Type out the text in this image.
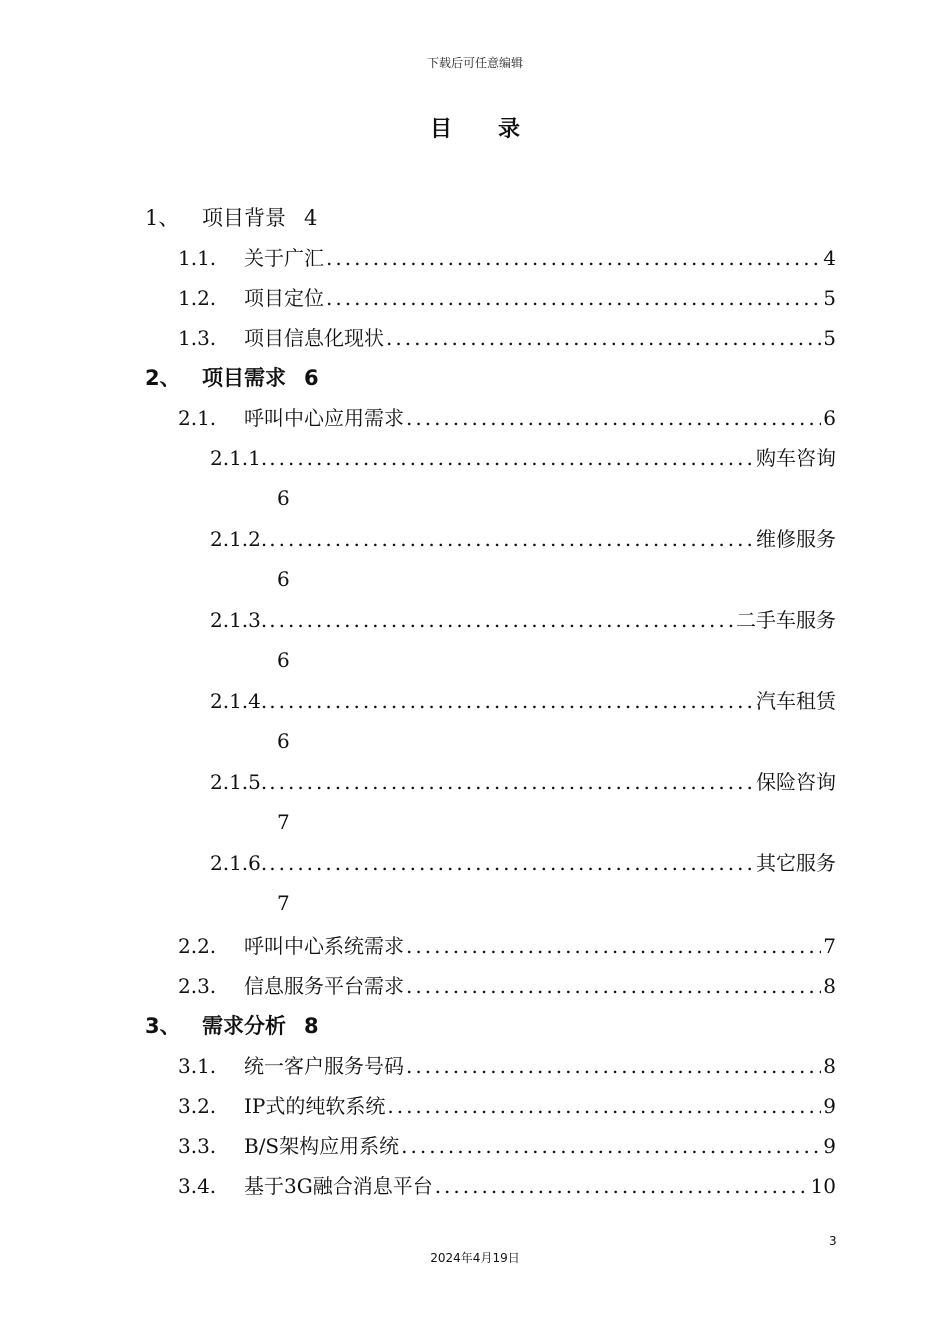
下载后可任意编辑
目 录
1、 项目背景 4
1.1. 关于广汇 .....	4
1.2. 项目定位 .....	5
1.3. 项目信息化现状 .....	5
2、 项目需求 6
2.1. 呼叫中心应用需求 .....	6
2.1.1. .....	购车咨询
6
2.1.2. .....	维修服务
6
2.1.3. .....	二手车服务
6
2.1.4. .....	汽车租赁
6
2.1.5. .....	保险咨询
7
2.1.6. .....	其它服务
7
2.2. 呼叫中心系统需求 .....	7
2.3. 信息服务平台需求 .....	8
3、 需求分析 8
3.1. 统一客户服务号码 .....	8
3.2. IP式的纯软系统 .....	9
3.3. B/S架构应用系统 .....	9
3.4. 基于3G融合消息平台 .....	10
3
2024年4月19日
